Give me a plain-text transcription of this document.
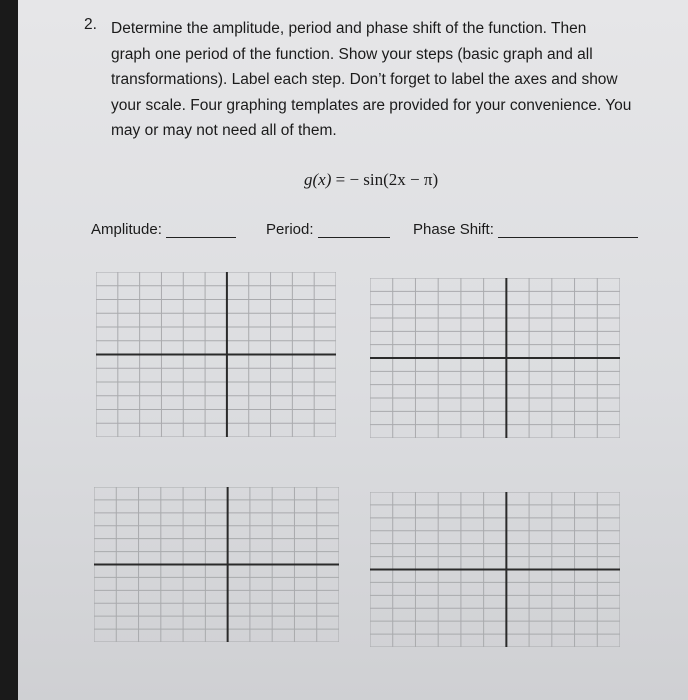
2. Determine the amplitude, period and phase shift of the function. Then
graph one period of the function. Show your steps (basic graph and all
transformations). Label each step. Don’t forget to label the axes and show
your scale. Four graphing templates are provided for your convenience. You
may or may not need all of them.
g(x) = − sin(2x − π)
Amplitude:	Period:	Phase Shift:
